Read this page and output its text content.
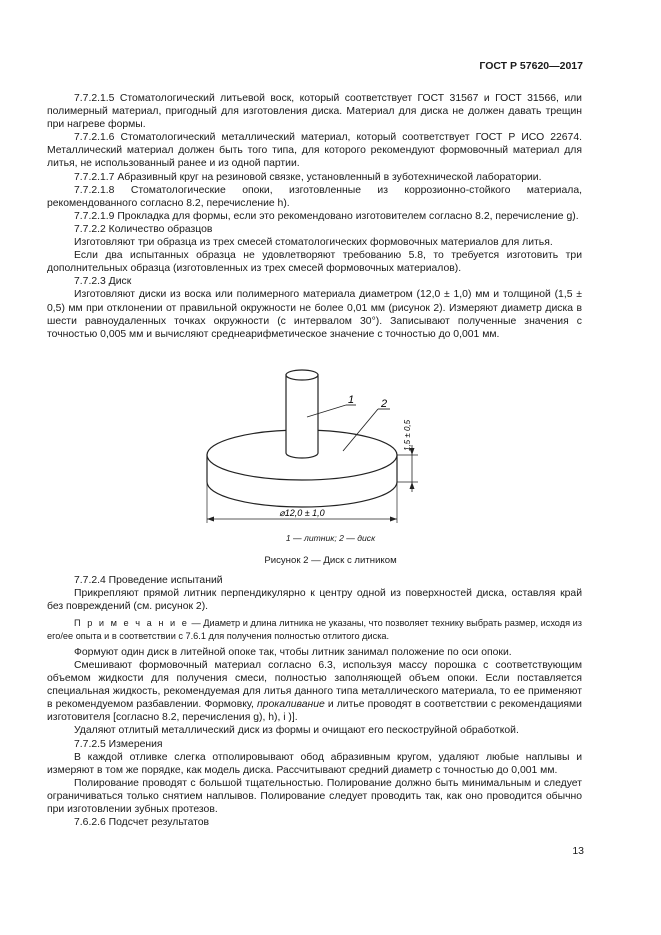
ГОСТ Р 57620—2017

7.7.2.1.5 Стоматологический литьевой воск, который соответствует ГОСТ 31567 и ГОСТ 31566, или полимерный материал, пригодный для изготовления диска. Материал для диска не должен давать трещин при нагреве формы.

7.7.2.1.6 Стоматологический металлический материал, который соответствует ГОСТ Р ИСО 22674. Металлический материал должен быть того типа, для которого рекомендуют формовочный материал для литья, не использованный ранее и из одной партии.

7.7.2.1.7 Абразивный круг на резиновой связке, установленный в зуботехнической лаборатории.

7.7.2.1.8 Стоматологические опоки, изготовленные из коррозионно-стойкого материала, рекомендованного согласно 8.2, перечисление h).

7.7.2.1.9 Прокладка для формы, если это рекомендовано изготовителем согласно 8.2, перечисление g).

7.7.2.2 Количество образцов

Изготовляют три образца из трех смесей стоматологических формовочных материалов для литья.

Если два испытанных образца не удовлетворяют требованию 5.8, то требуется изготовить три дополнительных образца (изготовленных из трех смесей формовочных материалов).

7.7.2.3 Диск

Изготовляют диски из воска или полимерного материала диаметром (12,0 ± 1,0) мм и толщиной (1,5 ± 0,5) мм при отклонении от правильной окружности не более 0,01 мм (рисунок 2). Измеряют диаметр диска в шести равноудаленных точках окружности (с интервалом 30°). Записывают полученные значения с точностью 0,005 мм и вычисляют среднеарифметическое значение с точностью до 0,001 мм.

1 2
1,5 ± 0,5
⌀12,0 ± 1,0
1 — литник; 2 — диск
Рисунок 2 — Диск с литником

7.7.2.4 Проведение испытаний

Прикрепляют прямой литник перпендикулярно к центру одной из поверхностей диска, оставляя край без повреждений (см. рисунок 2).

П р и м е ч а н и е — Диаметр и длина литника не указаны, что позволяет технику выбрать размер, исходя из его/ее опыта и в соответствии с 7.6.1 для получения полностью отлитого диска.

Формуют один диск в литейной опоке так, чтобы литник занимал положение по оси опоки.

Смешивают формовочный материал согласно 6.3, используя массу порошка с соответствующим объемом жидкости для получения смеси, полностью заполняющей объем опоки. Если поставляется специальная жидкость, рекомендуемая для литья данного типа металлического материала, то ее применяют в рекомендуемом разбавлении. Формовку, прокаливание и литье проводят в соответствии с рекомендациями изготовителя [согласно 8.2, перечисления g), h), i )].

Удаляют отлитый металлический диск из формы и очищают его пескоструйной обработкой.

7.7.2.5 Измерения

В каждой отливке слегка отполировывают обод абразивным кругом, удаляют любые наплывы и измеряют в том же порядке, как модель диска. Рассчитывают средний диаметр с точностью до 0,001 мм.

Полирование проводят с большой тщательностью. Полирование должно быть минимальным и следует ограничиваться только снятием наплывов. Полирование следует проводить так, как оно проводится обычно при изготовлении зубных протезов.

7.6.2.6 Подсчет результатов

13
